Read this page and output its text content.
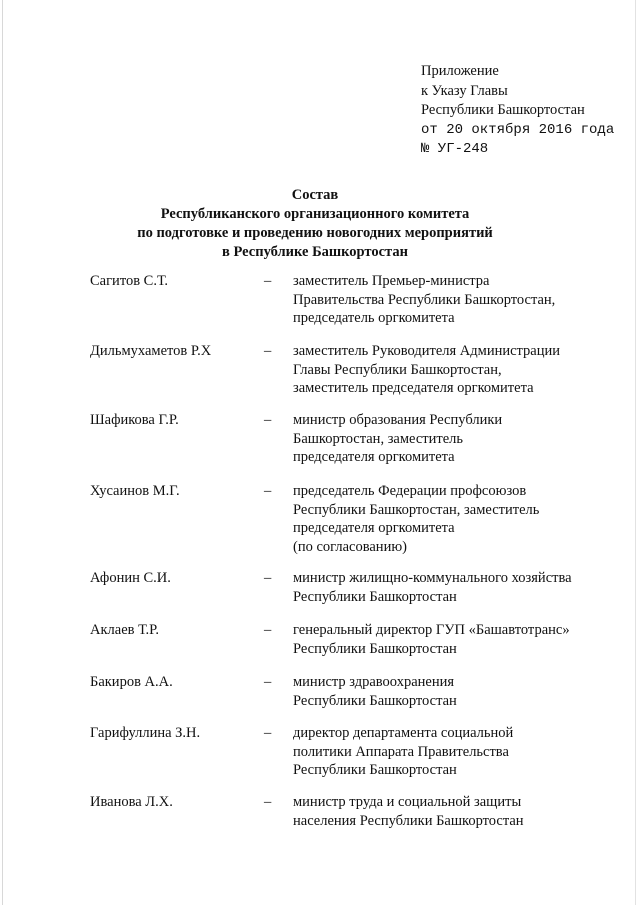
Приложение
к Указу Главы
Республики Башкортостан
от 20 октября 2016 года
№ УГ-248
Состав
Республиканского организационного комитета
по подготовке и проведению новогодних мероприятий
в Республике Башкортостан
Сагитов С.Т.	– заместитель Премьер-министра
Правительства Республики Башкортостан,
председатель оргкомитета
Дильмухаметов Р.Х	– заместитель Руководителя Администрации
Главы Республики Башкортостан,
заместитель председателя оргкомитета
Шафикова Г.Р.	– министр образования Республики
Башкортостан, заместитель
председателя оргкомитета
Хусаинов М.Г.	– председатель Федерации профсоюзов
Республики Башкортостан, заместитель
председателя оргкомитета
(по согласованию)
Афонин С.И.	– министр жилищно-коммунального хозяйства
Республики Башкортостан
Аклаев Т.Р.	– генеральный директор ГУП «Башавтотранс»
Республики Башкортостан
Бакиров А.А.	– министр здравоохранения
Республики Башкортостан
Гарифуллина З.Н.	– директор департамента социальной
политики Аппарата Правительства
Республики Башкортостан
Иванова Л.Х.	– министр труда и социальной защиты
населения Республики Башкортостан
